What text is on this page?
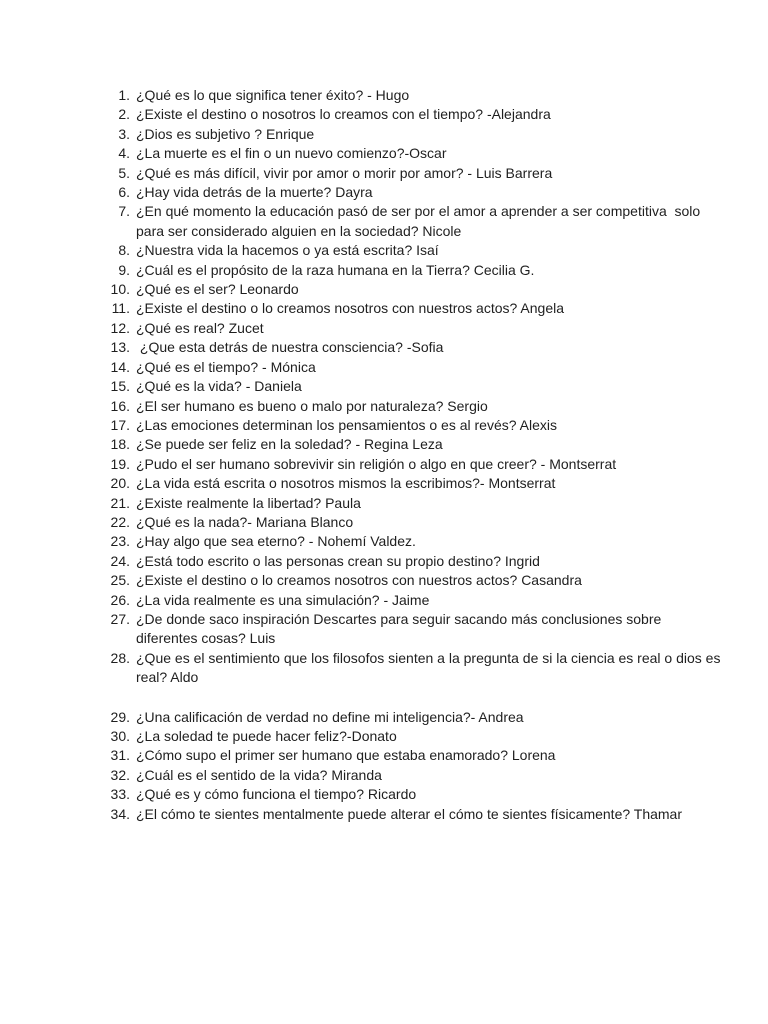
1. ¿Qué es lo que significa tener éxito? - Hugo
2. ¿Existe el destino o nosotros lo creamos con el tiempo? -Alejandra
3. ¿Dios es subjetivo ? Enrique
4. ¿La muerte es el fin o un nuevo comienzo?-Oscar
5. ¿Qué es más difícil, vivir por amor o morir por amor? - Luis Barrera
6. ¿Hay vida detrás de la muerte? Dayra
7. ¿En qué momento la educación pasó de ser por el amor a aprender a ser competitiva  solo para ser considerado alguien en la sociedad? Nicole
8. ¿Nuestra vida la hacemos o ya está escrita? Isaí
9. ¿Cuál es el propósito de la raza humana en la Tierra? Cecilia G.
10. ¿Qué es el ser? Leonardo
11. ¿Existe el destino o lo creamos nosotros con nuestros actos? Angela
12. ¿Qué es real? Zucet
13. ¿Que esta detrás de nuestra consciencia? -Sofia
14. ¿Qué es el tiempo? - Mónica
15. ¿Qué es la vida? - Daniela
16. ¿El ser humano es bueno o malo por naturaleza? Sergio
17. ¿Las emociones determinan los pensamientos o es al revés? Alexis
18. ¿Se puede ser feliz en la soledad? - Regina Leza
19. ¿Pudo el ser humano sobrevivir sin religión o algo en que creer? - Montserrat
20. ¿La vida está escrita o nosotros mismos la escribimos?- Montserrat
21. ¿Existe realmente la libertad? Paula
22. ¿Qué es la nada?- Mariana Blanco
23. ¿Hay algo que sea eterno? - Nohemí Valdez.
24. ¿Está todo escrito o las personas crean su propio destino? Ingrid
25. ¿Existe el destino o lo creamos nosotros con nuestros actos? Casandra
26. ¿La vida realmente es una simulación? - Jaime
27. ¿De donde saco inspiración Descartes para seguir sacando más conclusiones sobre diferentes cosas? Luis
28. ¿Que es el sentimiento que los filosofos sienten a la pregunta de si la ciencia es real o dios es real? Aldo
29. ¿Una calificación de verdad no define mi inteligencia?- Andrea
30. ¿La soledad te puede hacer feliz?-Donato
31. ¿Cómo supo el primer ser humano que estaba enamorado? Lorena
32. ¿Cuál es el sentido de la vida? Miranda
33. ¿Qué es y cómo funciona el tiempo? Ricardo
34. ¿El cómo te sientes mentalmente puede alterar el cómo te sientes físicamente? Thamar
